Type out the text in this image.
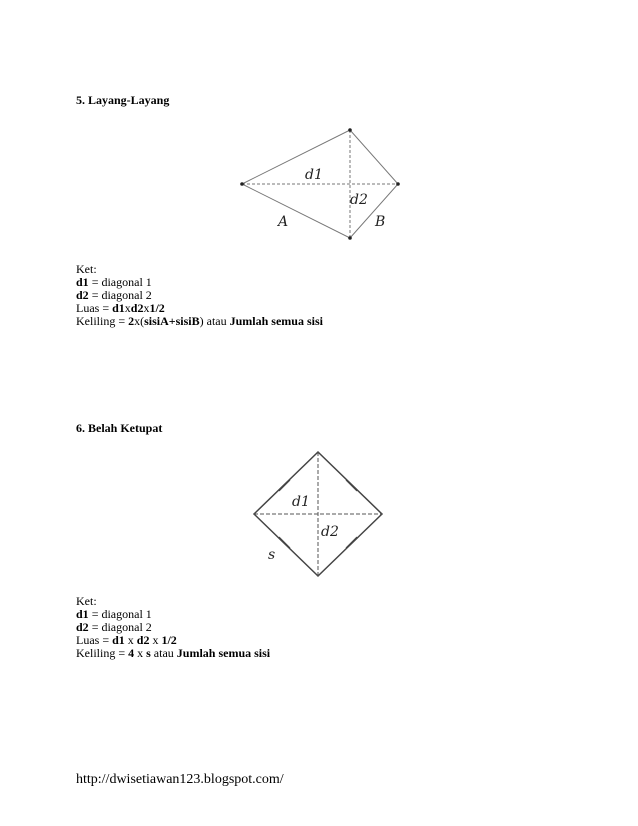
5. Layang-Layang
d1
d2
A	B
Ket:
d1 = diagonal 1
d2 = diagonal 2
Luas = d1xd2x1/2
Keliling = 2x(sisiA+sisiB) atau Jumlah semua sisi
6. Belah Ketupat
d1
d2
s
Ket:
d1 = diagonal 1
d2 = diagonal 2
Luas = d1 x d2 x 1/2
Keliling = 4 x s atau Jumlah semua sisi
http://dwisetiawan123.blogspot.com/
